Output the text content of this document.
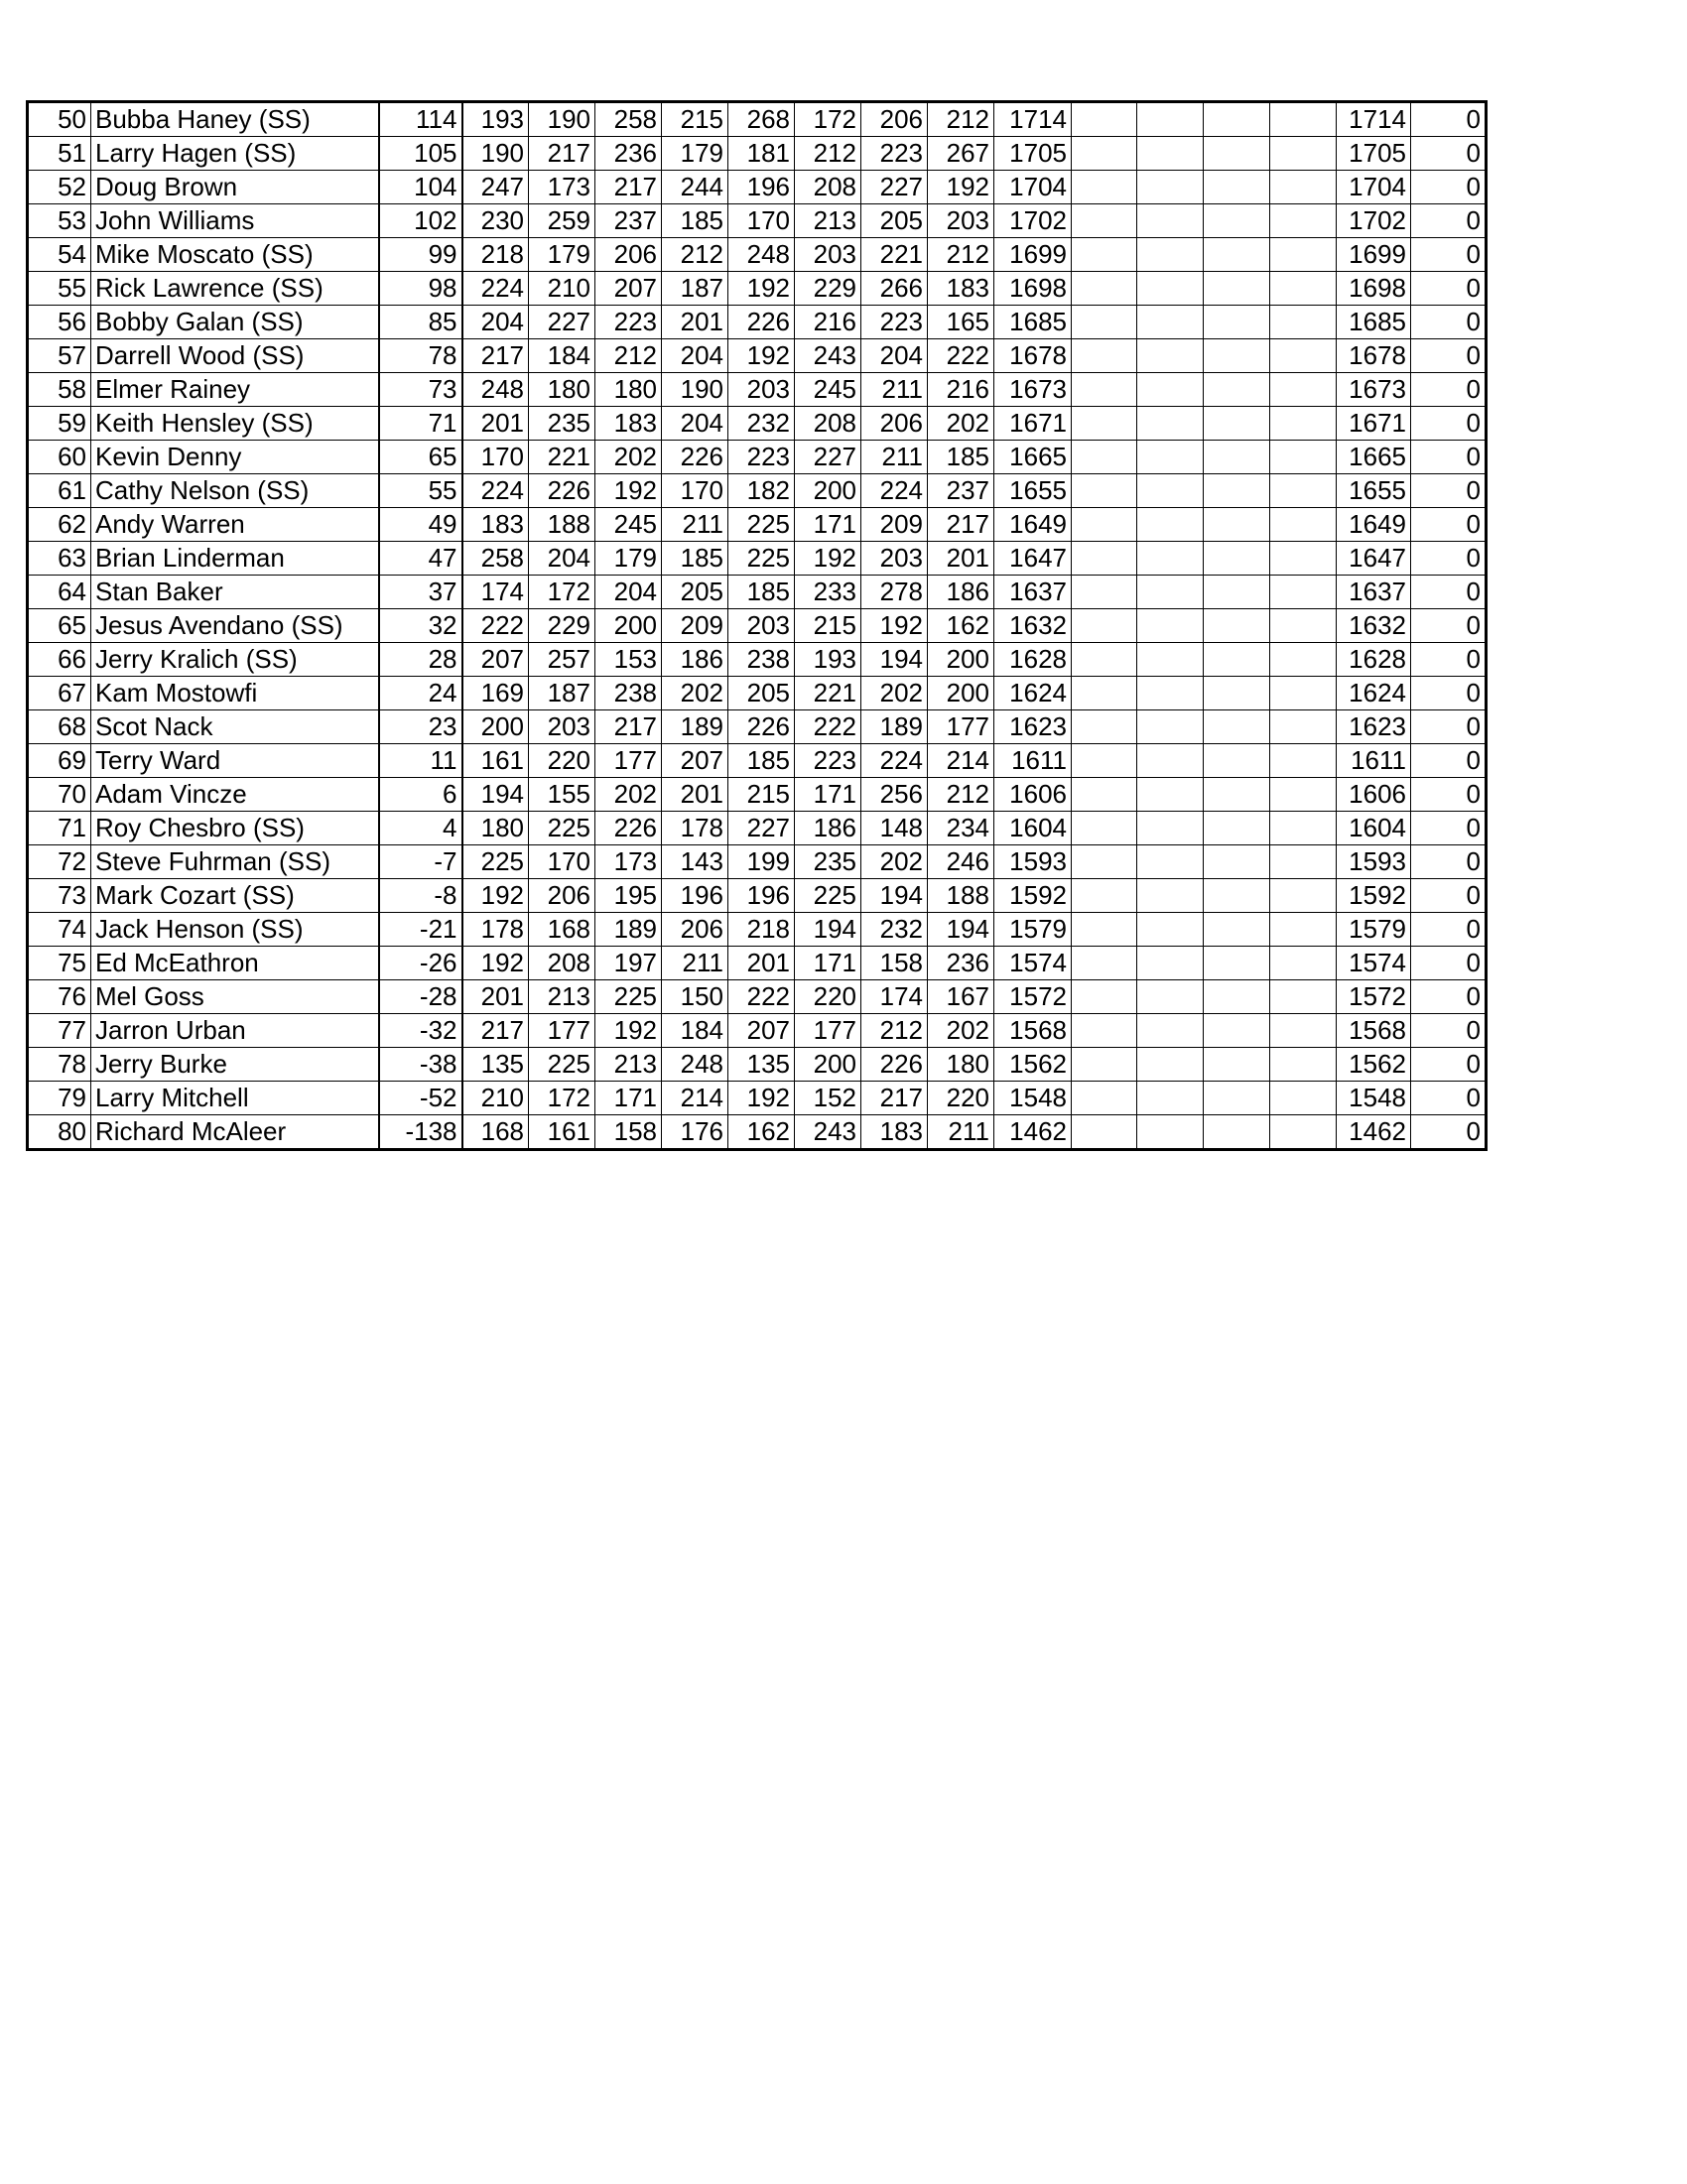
50	Bubba Haney (SS)	114	193	190	258	215	268	172	206	212	1714					1714	0
51	Larry Hagen (SS)	105	190	217	236	179	181	212	223	267	1705					1705	0
52	Doug Brown	104	247	173	217	244	196	208	227	192	1704					1704	0
53	John Williams	102	230	259	237	185	170	213	205	203	1702					1702	0
54	Mike Moscato (SS)	99	218	179	206	212	248	203	221	212	1699					1699	0
55	Rick Lawrence (SS)	98	224	210	207	187	192	229	266	183	1698					1698	0
56	Bobby Galan (SS)	85	204	227	223	201	226	216	223	165	1685					1685	0
57	Darrell Wood (SS)	78	217	184	212	204	192	243	204	222	1678					1678	0
58	Elmer Rainey	73	248	180	180	190	203	245	211	216	1673					1673	0
59	Keith Hensley (SS)	71	201	235	183	204	232	208	206	202	1671					1671	0
60	Kevin Denny	65	170	221	202	226	223	227	211	185	1665					1665	0
61	Cathy Nelson (SS)	55	224	226	192	170	182	200	224	237	1655					1655	0
62	Andy Warren	49	183	188	245	211	225	171	209	217	1649					1649	0
63	Brian Linderman	47	258	204	179	185	225	192	203	201	1647					1647	0
64	Stan Baker	37	174	172	204	205	185	233	278	186	1637					1637	0
65	Jesus Avendano (SS)	32	222	229	200	209	203	215	192	162	1632					1632	0
66	Jerry Kralich (SS)	28	207	257	153	186	238	193	194	200	1628					1628	0
67	Kam Mostowfi	24	169	187	238	202	205	221	202	200	1624					1624	0
68	Scot Nack	23	200	203	217	189	226	222	189	177	1623					1623	0
69	Terry Ward	11	161	220	177	207	185	223	224	214	1611					1611	0
70	Adam Vincze	6	194	155	202	201	215	171	256	212	1606					1606	0
71	Roy Chesbro (SS)	4	180	225	226	178	227	186	148	234	1604					1604	0
72	Steve Fuhrman (SS)	-7	225	170	173	143	199	235	202	246	1593					1593	0
73	Mark Cozart (SS)	-8	192	206	195	196	196	225	194	188	1592					1592	0
74	Jack Henson (SS)	-21	178	168	189	206	218	194	232	194	1579					1579	0
75	Ed McEathron	-26	192	208	197	211	201	171	158	236	1574					1574	0
76	Mel Goss	-28	201	213	225	150	222	220	174	167	1572					1572	0
77	Jarron Urban	-32	217	177	192	184	207	177	212	202	1568					1568	0
78	Jerry Burke	-38	135	225	213	248	135	200	226	180	1562					1562	0
79	Larry Mitchell	-52	210	172	171	214	192	152	217	220	1548					1548	0
80	Richard McAleer	-138	168	161	158	176	162	243	183	211	1462					1462	0
